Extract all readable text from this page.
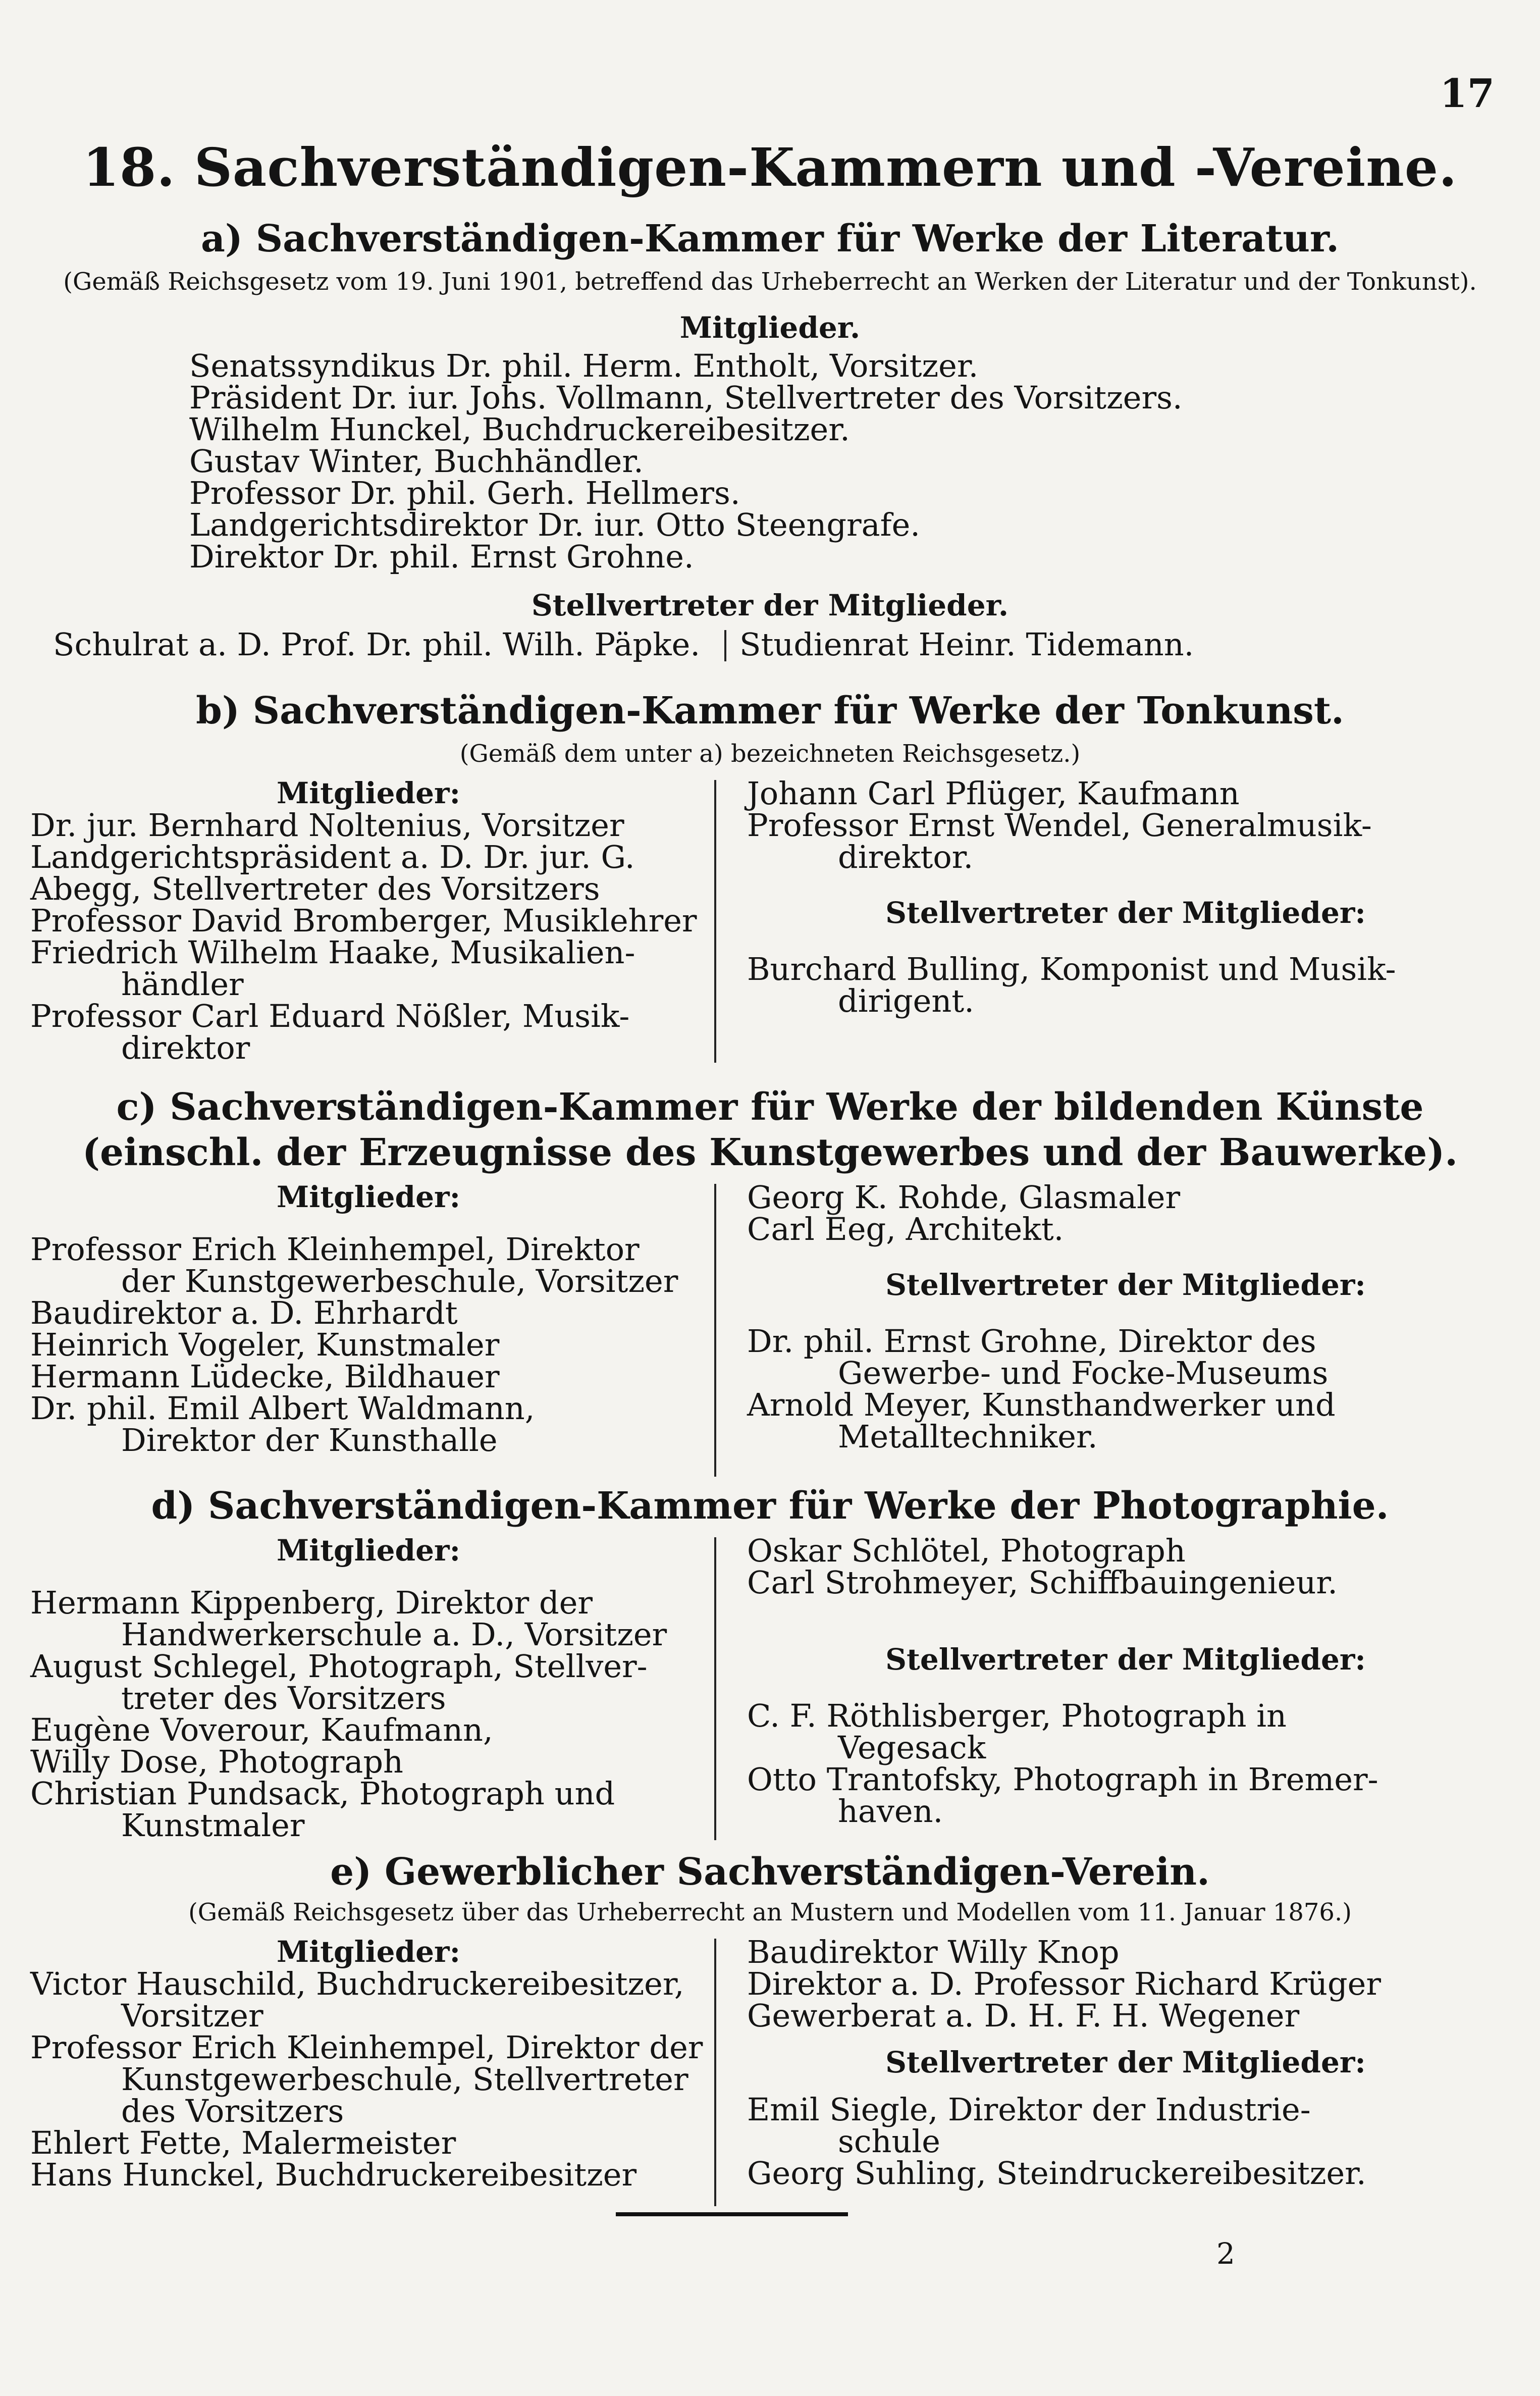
17
18. Sachverständigen-Kammern und -Vereine.
a) Sachverständigen-Kammer für Werke der Literatur.
(Gemäß Reichsgesetz vom 19. Juni 1901, betreffend das Urheberrecht an Werken der Literatur und der Tonkunst).
Mitglieder.
Senatssyndikus Dr. phil. Herm. Entholt, Vorsitzer.
Präsident Dr. iur. Johs. Vollmann, Stellvertreter des Vorsitzers.
Wilhelm Hunckel, Buchdruckereibesitzer.
Gustav Winter, Buchhändler.
Professor Dr. phil. Gerh. Hellmers.
Landgerichtsdirektor Dr. iur. Otto Steengrafe.
Direktor Dr. phil. Ernst Grohne.
Stellvertreter der Mitglieder.
Schulrat a. D. Prof. Dr. phil. Wilh. Päpke. Studienrat Heinr. Tidemann.
b) Sachverständigen-Kammer für Werke der Tonkunst.
(Gemäß dem unter a) bezeichneten Reichsgesetz.)
Mitglieder:
Dr. jur. Bernhard Noltenius, Vorsitzer
Landgerichtspräsident a. D. Dr. jur. G.
Abegg, Stellvertreter des Vorsitzers
Professor David Bromberger, Musiklehrer
Friedrich Wilhelm Haake, Musikalien-
händler
Professor Carl Eduard Nößler, Musik-
direktor
Johann Carl Pflüger, Kaufmann
Professor Ernst Wendel, Generalmusik-
direktor.
Stellvertreter der Mitglieder:
Burchard Bulling, Komponist und Musik-
dirigent.
c) Sachverständigen-Kammer für Werke der bildenden Künste
(einschl. der Erzeugnisse des Kunstgewerbes und der Bauwerke).
Mitglieder:
Professor Erich Kleinhempel, Direktor
der Kunstgewerbeschule, Vorsitzer
Baudirektor a. D. Ehrhardt
Heinrich Vogeler, Kunstmaler
Hermann Lüdecke, Bildhauer
Dr. phil. Emil Albert Waldmann,
Direktor der Kunsthalle
Georg K. Rohde, Glasmaler
Carl Eeg, Architekt.
Stellvertreter der Mitglieder:
Dr. phil. Ernst Grohne, Direktor des
Gewerbe- und Focke-Museums
Arnold Meyer, Kunsthandwerker und
Metalltechniker.
d) Sachverständigen-Kammer für Werke der Photographie.
Mitglieder:
Hermann Kippenberg, Direktor der
Handwerkerschule a. D., Vorsitzer
August Schlegel, Photograph, Stellver-
treter des Vorsitzers
Eugène Voverour, Kaufmann,
Willy Dose, Photograph
Christian Pundsack, Photograph und
Kunstmaler
Oskar Schlötel, Photograph
Carl Strohmeyer, Schiffbauingenieur.
Stellvertreter der Mitglieder:
C. F. Röthlisberger, Photograph in
Vegesack
Otto Trantofsky, Photograph in Bremer-
haven.
e) Gewerblicher Sachverständigen-Verein.
(Gemäß Reichsgesetz über das Urheberrecht an Mustern und Modellen vom 11. Januar 1876.)
Mitglieder:
Victor Hauschild, Buchdruckereibesitzer,
Vorsitzer
Professor Erich Kleinhempel, Direktor der
Kunstgewerbeschule, Stellvertreter
des Vorsitzers
Ehlert Fette, Malermeister
Hans Hunckel, Buchdruckereibesitzer
Baudirektor Willy Knop
Direktor a. D. Professor Richard Krüger
Gewerberat a. D. H. F. H. Wegener
Stellvertreter der Mitglieder:
Emil Siegle, Direktor der Industrie-
schule
Georg Suhling, Steindruckereibesitzer.
2
